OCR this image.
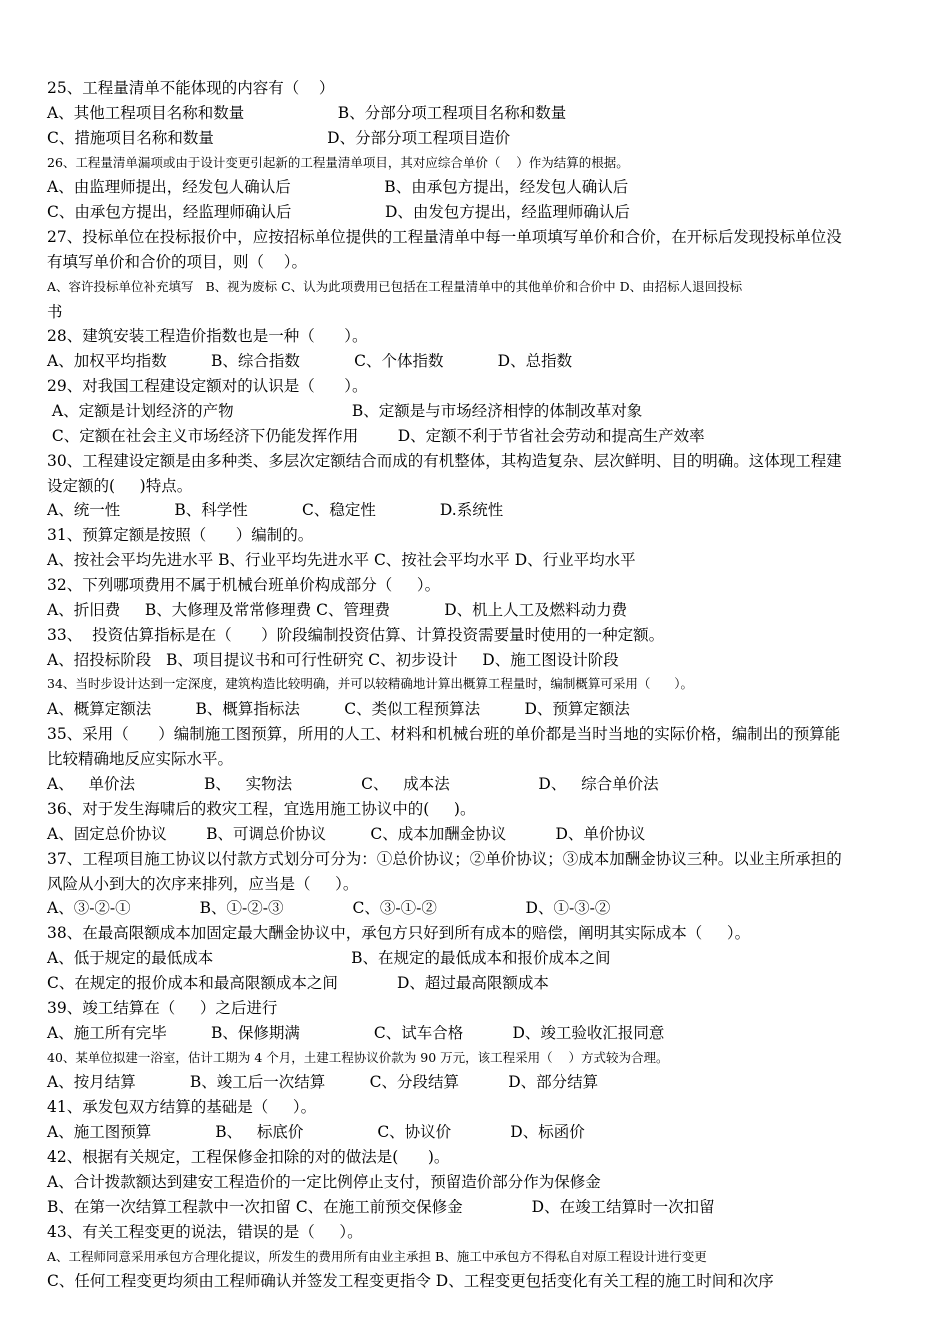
25、工程量清单不能体现的内容有（    ）
A、其他工程项目名称和数量                   B、分部分项工程项目名称和数量
C、措施项目名称和数量                       D、分部分项工程项目造价
26、工程量清单漏项或由于设计变更引起新的工程量清单项目，其对应综合单价（    ）作为结算的根据。
A、由监理师提出，经发包人确认后                   B、由承包方提出，经发包人确认后
C、由承包方提出，经监理师确认后                   D、由发包方提出，经监理师确认后
27、投标单位在投标报价中，应按招标单位提供的工程量清单中每一单项填写单价和合价，在开标后发现投标单位没
有填写单价和合价的项目，则（    ）。
A、容许投标单位补充填写   B、视为废标 C、认为此项费用已包括在工程量清单中的其他单价和合价中 D、由招标人退回投标
书
28、建筑安装工程造价指数也是一种（      ）。
A、加权平均指数         B、综合指数           C、个体指数           D、总指数
29、对我国工程建设定额对的认识是（      ）。
A、定额是计划经济的产物                        B、定额是与市场经济相悖的体制改革对象
C、定额在社会主义市场经济下仍能发挥作用        D、定额不利于节省社会劳动和提高生产效率
30、工程建设定额是由多种类、多层次定额结合而成的有机整体，其构造复杂、层次鲜明、目的明确。这体现工程建
设定额的(     )特点。
A、统一性           B、科学性           C、稳定性             D.系统性
31、预算定额是按照（      ）编制的。
A、按社会平均先进水平 B、行业平均先进水平 C、按社会平均水平 D、行业平均水平
32、下列哪项费用不属于机械台班单价构成部分（     ）。
A、折旧费     B、大修理及常常修理费 C、管理费           D、机上人工及燃料动力费
33、  投资估算指标是在（      ）阶段编制投资估算、计算投资需要量时使用的一种定额。
A、招投标阶段   B、项目提议书和可行性研究 C、初步设计     D、施工图设计阶段
34、当时步设计达到一定深度，建筑构造比较明确，并可以较精确地计算出概算工程量时，编制概算可采用（      ）。
A、概算定额法         B、概算指标法         C、类似工程预算法         D、预算定额法
35、采用（      ）编制施工图预算，所用的人工、材料和机械台班的单价都是当时当地的实际价格，编制出的预算能
比较精确地反应实际水平。
A、   单价法              B、   实物法              C、   成本法                  D、   综合单价法
36、对于发生海啸后的救灾工程，宜选用施工协议中的(     )。
A、固定总价协议        B、可调总价协议         C、成本加酬金协议          D、单价协议
37、工程项目施工协议以付款方式划分可分为：①总价协议；②单价协议；③成本加酬金协议三种。以业主所承担的
风险从小到大的次序来排列，应当是（     ）。
A、③-②-①              B、①-②-③              C、③-①-②                  D、①-③-②
38、在最高限额成本加固定最大酬金协议中，承包方只好到所有成本的赔偿，阐明其实际成本（     ）。
A、低于规定的最低成本                            B、在规定的最低成本和报价成本之间
C、在规定的报价成本和最高限额成本之间            D、超过最高限额成本
39、竣工结算在（     ）之后进行
A、施工所有完毕         B、保修期满               C、试车合格          D、竣工验收汇报同意
40、某单位拟建一浴室，估计工期为 4 个月，土建工程协议价款为 90 万元，该工程采用（    ）方式较为合理。
A、按月结算           B、竣工后一次结算         C、分段结算          D、部分结算
41、承发包双方结算的基础是（     ）。
A、施工图预算             B、   标底价               C、协议价            D、标函价
42、根据有关规定，工程保修金扣除的对的做法是(      )。
A、合计拨款额达到建安工程造价的一定比例停止支付，预留造价部分作为保修金
B、在第一次结算工程款中一次扣留 C、在施工前预交保修金              D、在竣工结算时一次扣留
43、有关工程变更的说法，错误的是（     ）。
A、工程师同意采用承包方合理化提议，所发生的费用所有由业主承担 B、施工中承包方不得私自对原工程设计进行变更
C、任何工程变更均须由工程师确认并签发工程变更指令 D、工程变更包括变化有关工程的施工时间和次序
